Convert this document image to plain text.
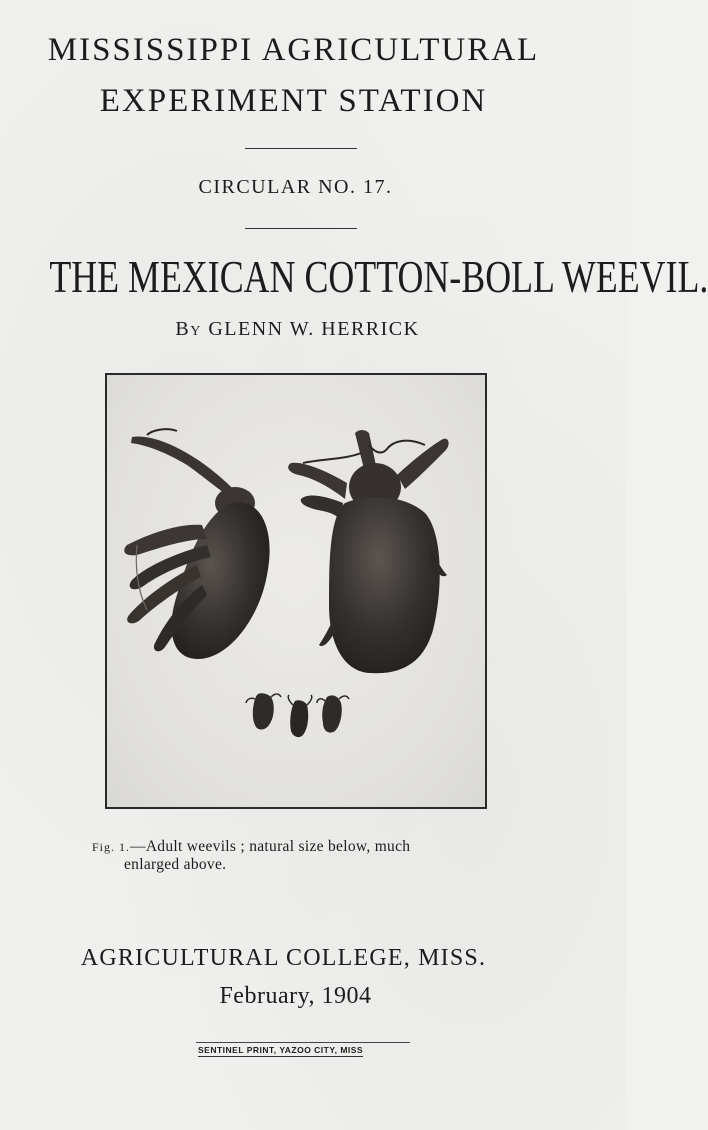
MISSISSIPPI AGRICULTURAL
EXPERIMENT STATION
CIRCULAR NO. 17.
THE MEXICAN COTTON-BOLL WEEVIL.
BY GLENN W. HERRICK
Fig. 1.—Adult weevils ; natural size below, much
enlarged above.
AGRICULTURAL COLLEGE, MISS.
February, 1904
SENTINEL PRINT, YAZOO CITY, MISS
